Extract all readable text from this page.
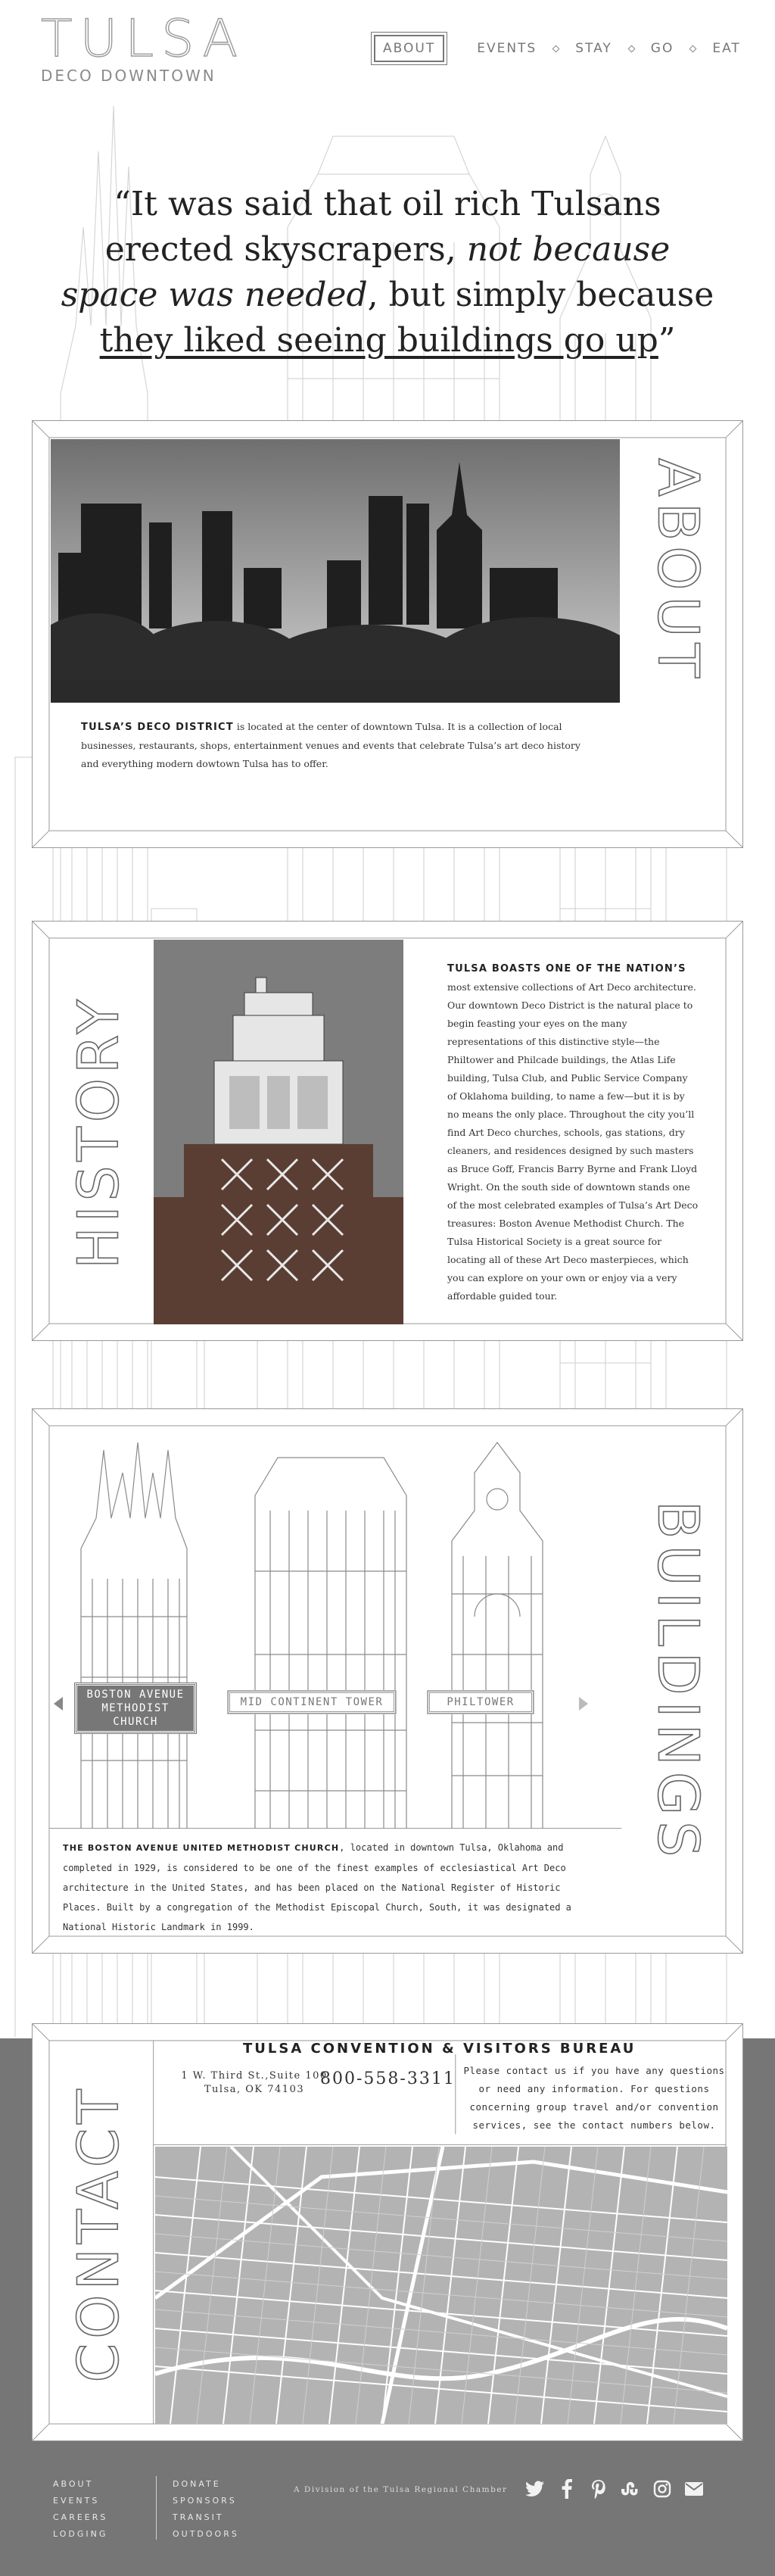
TULSA
DECO DOWNTOWN
ABOUT	EVENTS	STAY	GO	EAT
“It was said that oil rich Tulsans erected skyscrapers, not because space was needed, but simply because they liked seeing buildings go up”
ABOUT
TULSA’S DECO DISTRICT is located at the center of downtown Tulsa. It is a collection of local businesses, restaurants, shops, entertainment venues and events that celebrate Tulsa’s art deco history and everything modern dowtown Tulsa has to offer.
HISTORY
TULSA BOASTS ONE OF THE NATION’S
most extensive collections of Art Deco architecture. Our downtown Deco District is the natural place to begin feasting your eyes on the many representations of this distinctive style—the Philtower and Philcade buildings, the Atlas Life building, Tulsa Club, and Public Service Company of Oklahoma building, to name a few—but it is by no means the only place. Throughout the city you’ll find Art Deco churches, schools, gas stations, dry cleaners, and residences designed by such masters as Bruce Goff, Francis Barry Byrne and Frank Lloyd Wright. On the south side of downtown stands one of the most celebrated examples of Tulsa’s Art Deco treasures: Boston Avenue Methodist Church. The Tulsa Historical Society is a great source for locating all of these Art Deco masterpieces, which you can explore on your own or enjoy via a very affordable guided tour.
BOSTON AVENUE METHODIST CHURCH
MID CONTINENT TOWER	PHILTOWER	BUILDINGS
THE BOSTON AVENUE UNITED METHODIST CHURCH, located in downtown Tulsa, Oklahoma and completed in 1929, is considered to be one of the finest examples of ecclesiastical Art Deco architecture in the United States, and has been placed on the National Register of Historic Places. Built by a congregation of the Methodist Episcopal Church, South, it was designated a National Historic Landmark in 1999.
CONTACT
TULSA CONVENTION & VISITORS BUREAU
1 W. Third St.,Suite 100
Tulsa, OK 74103
800-558-3311 Please contact us if you have any questions or need any information. For questions concerning group travel and/or convention services, see the contact numbers below.
ABOUT
EVENTS
CAREERS
LODGING
DONATE
SPONSORS
TRANSIT
OUTDOORS
A Division of the Tulsa Regional Chamber
